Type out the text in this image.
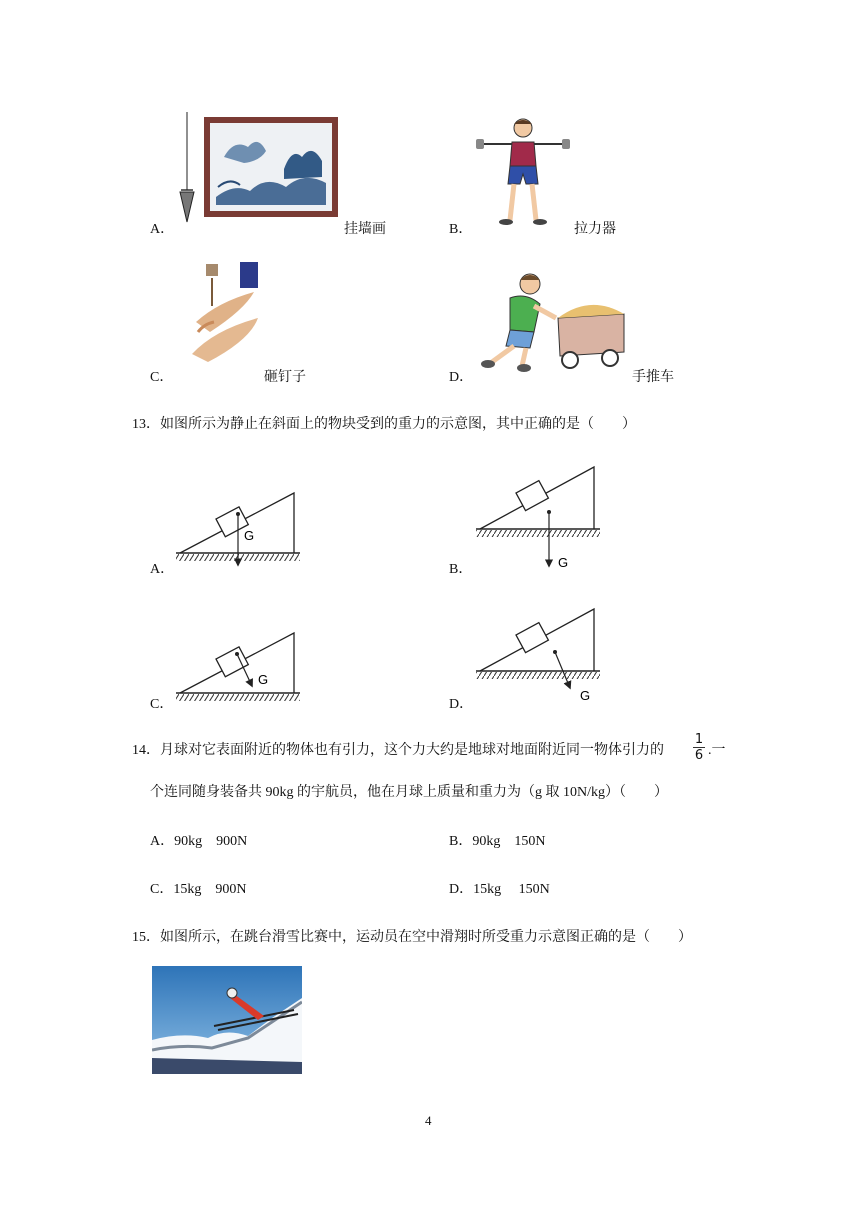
A．	挂墙画	B．	拉力器
C．	砸钉子	D．	手推车
13．如图所示为静止在斜面上的物块受到的重力的示意图，其中正确的是（　　）
G
A．	G
B．
G
C．
G
D．
14．月球对它表面附近的物体也有引力，这个力大约是地球对地面附近同一物体引力的 $\frac{1}{6}$ .一
个连同随身装备共 90kg 的宇航员，他在月球上质量和重力为（g 取 10N/kg）（　　）
A．90kg　900N	B．90kg　150N
C．15kg　900N	D．15kg　 150N
15．如图所示，在跳台滑雪比赛中，运动员在空中滑翔时所受重力示意图正确的是（　　）
4
